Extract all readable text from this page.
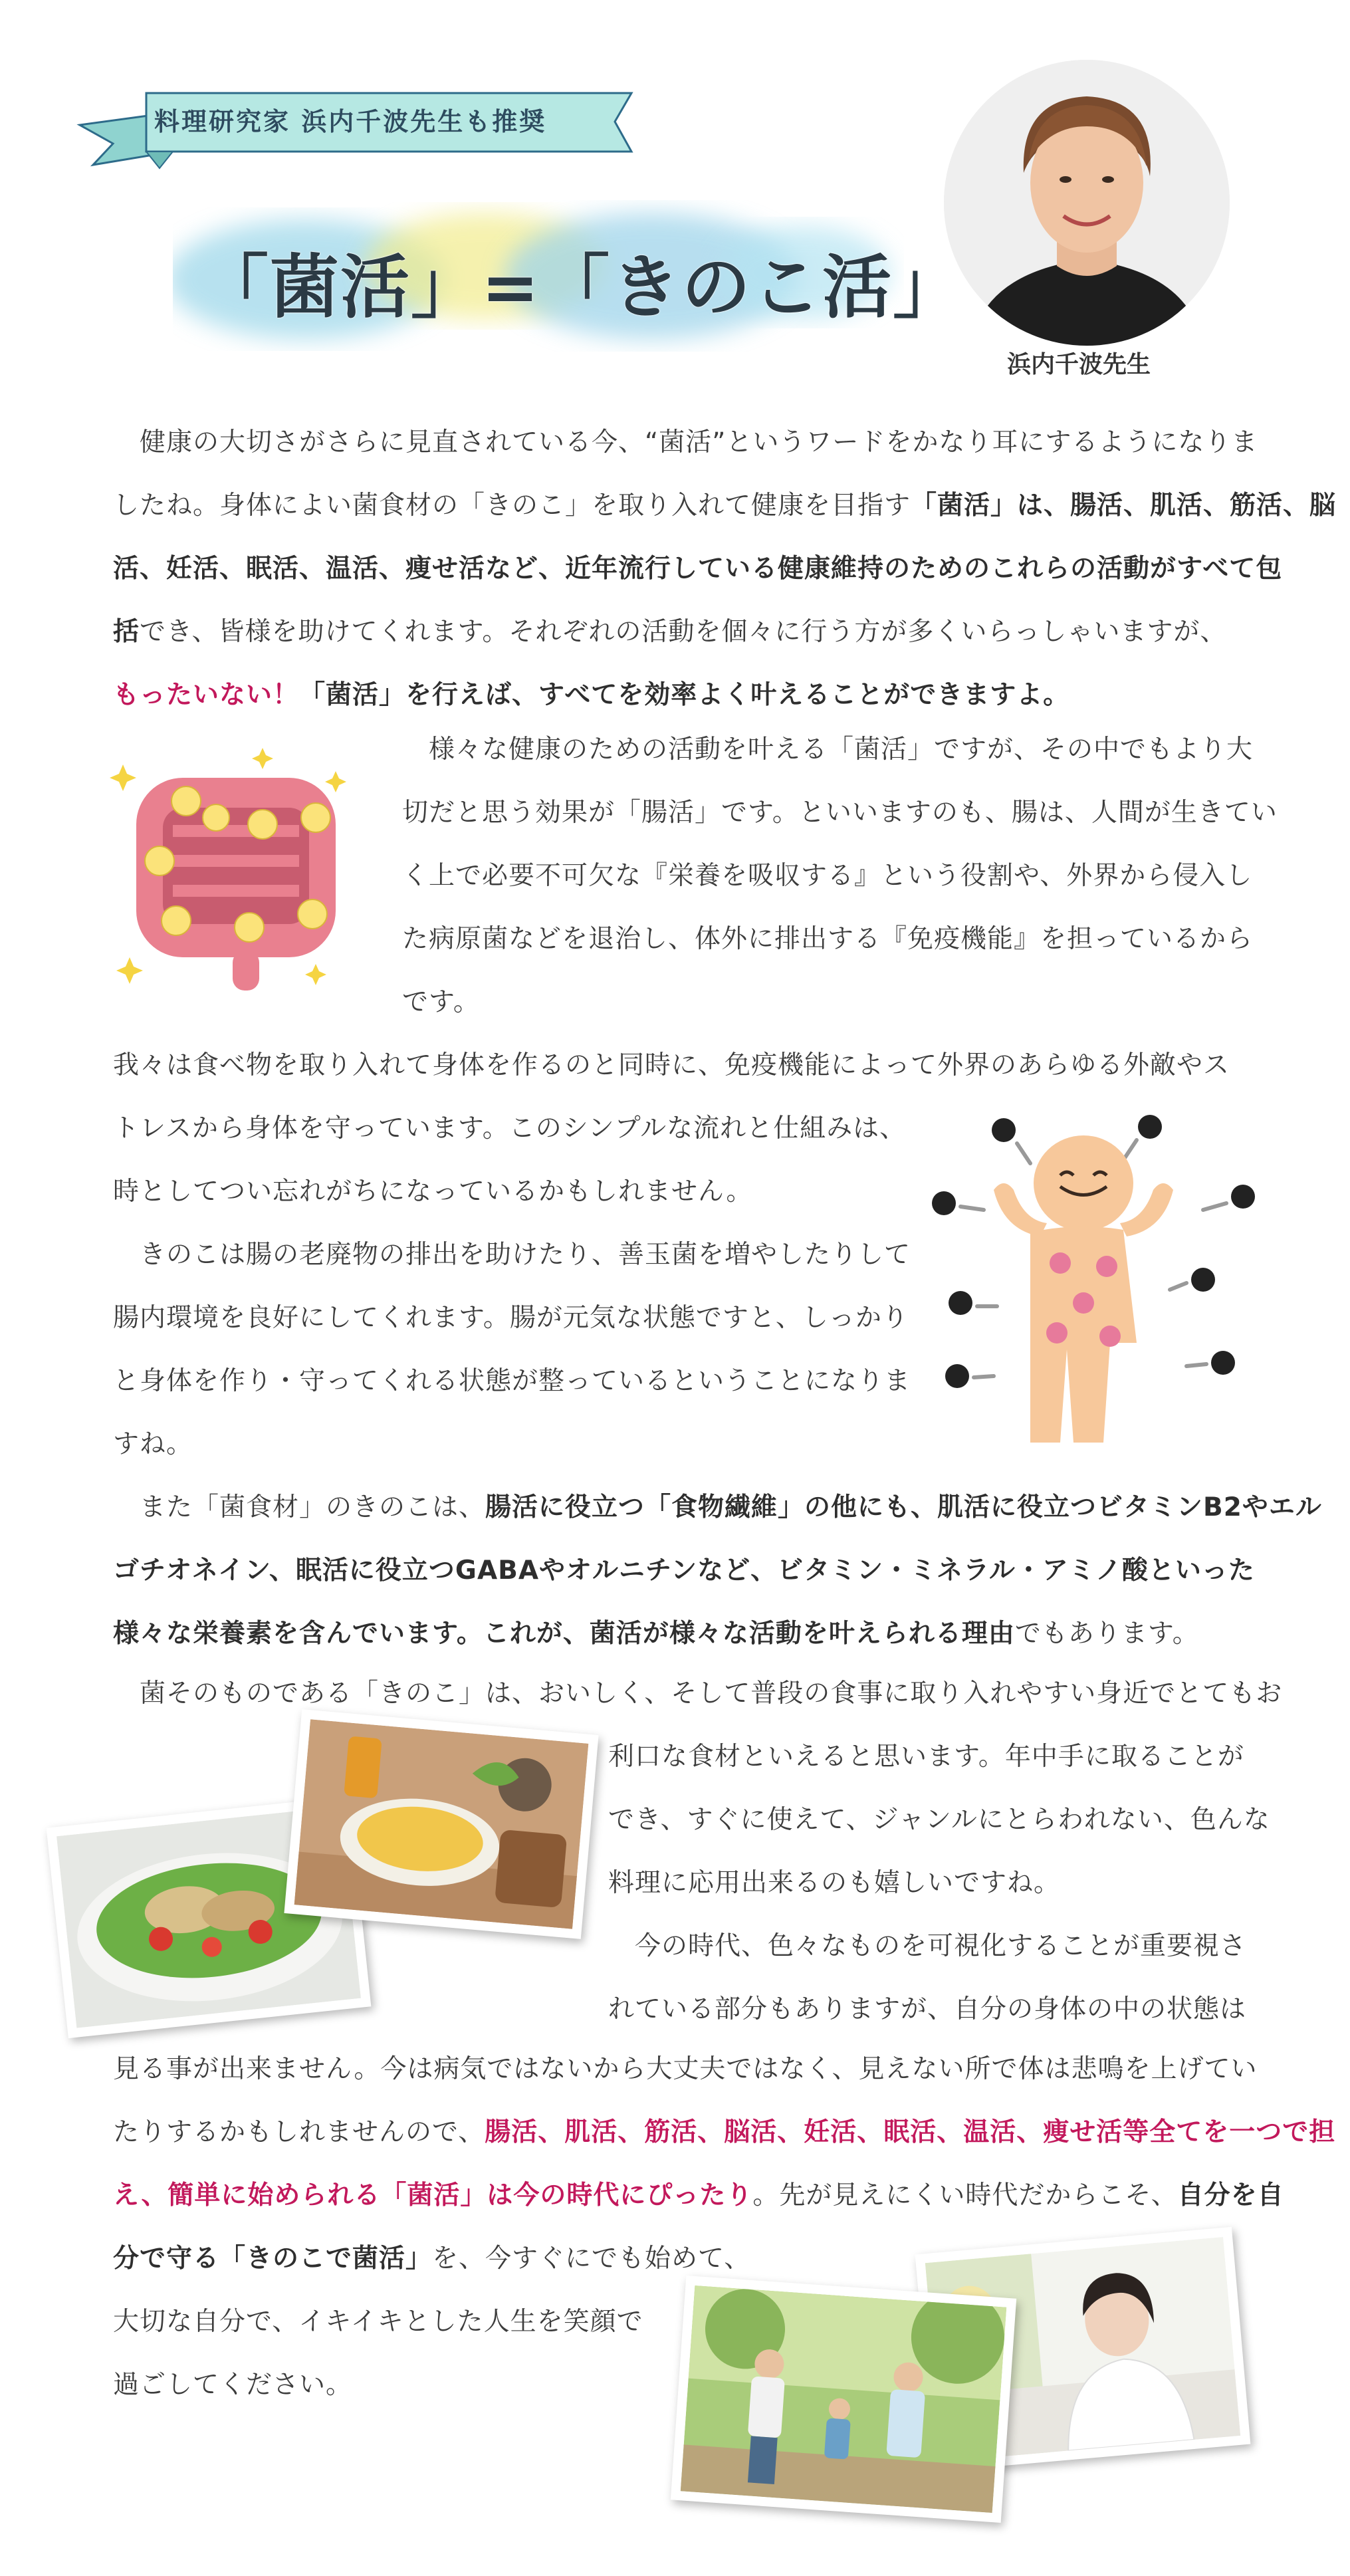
料理研究家 浜内千波先生も推奨
「菌活」=「きのこ活」
浜内千波先生
　健康の大切さがさらに見直されている今、“菌活”というワードをかなり耳にするようになりま
したね。身体によい菌食材の「きのこ」を取り入れて健康を目指す「菌活」は、腸活、肌活、筋活、脳
活、妊活、眠活、温活、痩せ活など、近年流行している健康維持のためのこれらの活動がすべて包
括でき、皆様を助けてくれます。それぞれの活動を個々に行う方が多くいらっしゃいますが、
もったいない！「菌活」を行えば、すべてを効率よく叶えることができますよ。
　様々な健康のための活動を叶える「菌活」ですが、その中でもより大
切だと思う効果が「腸活」です。といいますのも、腸は、人間が生きてい
く上で必要不可欠な『栄養を吸収する』という役割や、外界から侵入し
た病原菌などを退治し、体外に排出する『免疫機能』を担っているから
です。
我々は食べ物を取り入れて身体を作るのと同時に、免疫機能によって外界のあらゆる外敵やス
トレスから身体を守っています。このシンプルな流れと仕組みは、
時としてつい忘れがちになっているかもしれません。
　きのこは腸の老廃物の排出を助けたり、善玉菌を増やしたりして
腸内環境を良好にしてくれます。腸が元気な状態ですと、しっかり
と身体を作り・守ってくれる状態が整っているということになりま
すね。
　また「菌食材」のきのこは、腸活に役立つ「食物繊維」の他にも、肌活に役立つビタミンB2やエル
ゴチオネイン、眠活に役立つGABAやオルニチンなど、ビタミン・ミネラル・アミノ酸といった
様々な栄養素を含んでいます。これが、菌活が様々な活動を叶えられる理由でもあります。
　菌そのものである「きのこ」は、おいしく、そして普段の食事に取り入れやすい身近でとてもお
利口な食材といえると思います。年中手に取ることが
でき、すぐに使えて、ジャンルにとらわれない、色んな
料理に応用出来るのも嬉しいですね。
　今の時代、色々なものを可視化することが重要視さ
れている部分もありますが、自分の身体の中の状態は
見る事が出来ません。今は病気ではないから大丈夫ではなく、見えない所で体は悲鳴を上げてい
たりするかもしれませんので、腸活、肌活、筋活、脳活、妊活、眠活、温活、痩せ活等全てを一つで担
え、簡単に始められる「菌活」は今の時代にぴったり。先が見えにくい時代だからこそ、自分を自
分で守る「きのこで菌活」を、今すぐにでも始めて、
大切な自分で、イキイキとした人生を笑顔で
過ごしてください。
